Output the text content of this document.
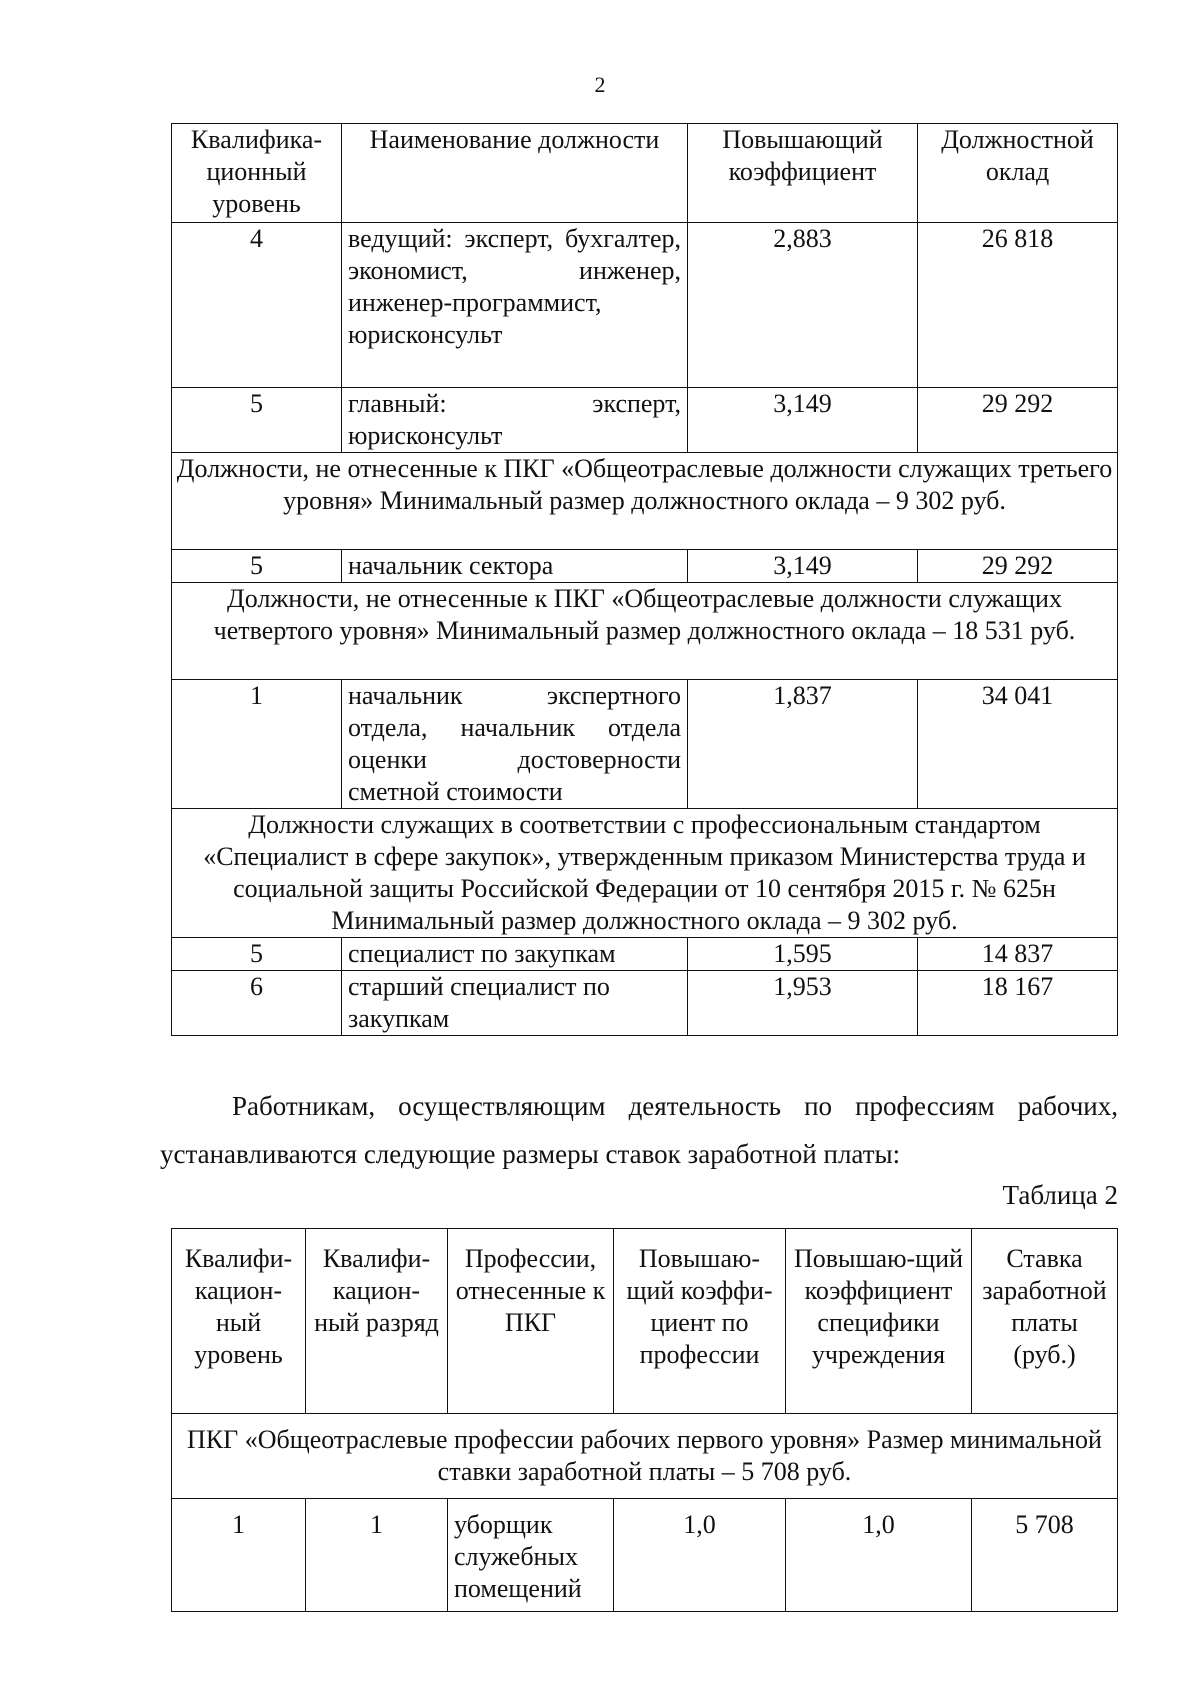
2
Квалифика-ционный уровень	Наименование должности	Повышающий коэффициент	Должностной оклад
4	ведущий: эксперт, бухгалтер, экономист, инженер, инженер-программист, юрисконсульт	2,883	26 818
5	главный: эксперт, юрисконсульт	3,149	29 292
Должности, не отнесенные к ПКГ «Общеотраслевые должности служащих третьего уровня» Минимальный размер должностного оклада – 9 302 руб.			
5	начальник сектора	3,149	29 292
Должности, не отнесенные к ПКГ «Общеотраслевые должности служащих четвертого уровня» Минимальный размер должностного оклада – 18 531 руб.			
1	начальник экспертного отдела, начальник отдела оценки достоверности сметной стоимости	1,837	34 041
Должности служащих в соответствии с профессиональным стандартом «Специалист в сфере закупок», утвержденным приказом Министерства труда и социальной защиты Российской Федерации от 10 сентября 2015 г. № 625н Минимальный размер должностного оклада – 9 302 руб.			
5	специалист по закупкам	1,595	14 837
6	старший специалист по закупкам	1,953	18 167
Работникам, осуществляющим деятельность по профессиям рабочих, устанавливаются следующие размеры ставок заработной платы:
Таблица 2
Квалифи-кацион-ный уровень	Квалифи-кацион-ный разряд	Профессии, отнесенные к ПКГ	Повышаю-щий коэффи-циент по профессии	Повышаю-щий коэффициент специфики учреждения	Ставка заработной платы (руб.)
ПКГ «Общеотраслевые профессии рабочих первого уровня» Размер минимальной ставки заработной платы – 5 708 руб.					
1	1	уборщик служебных помещений	1,0	1,0	5 708
